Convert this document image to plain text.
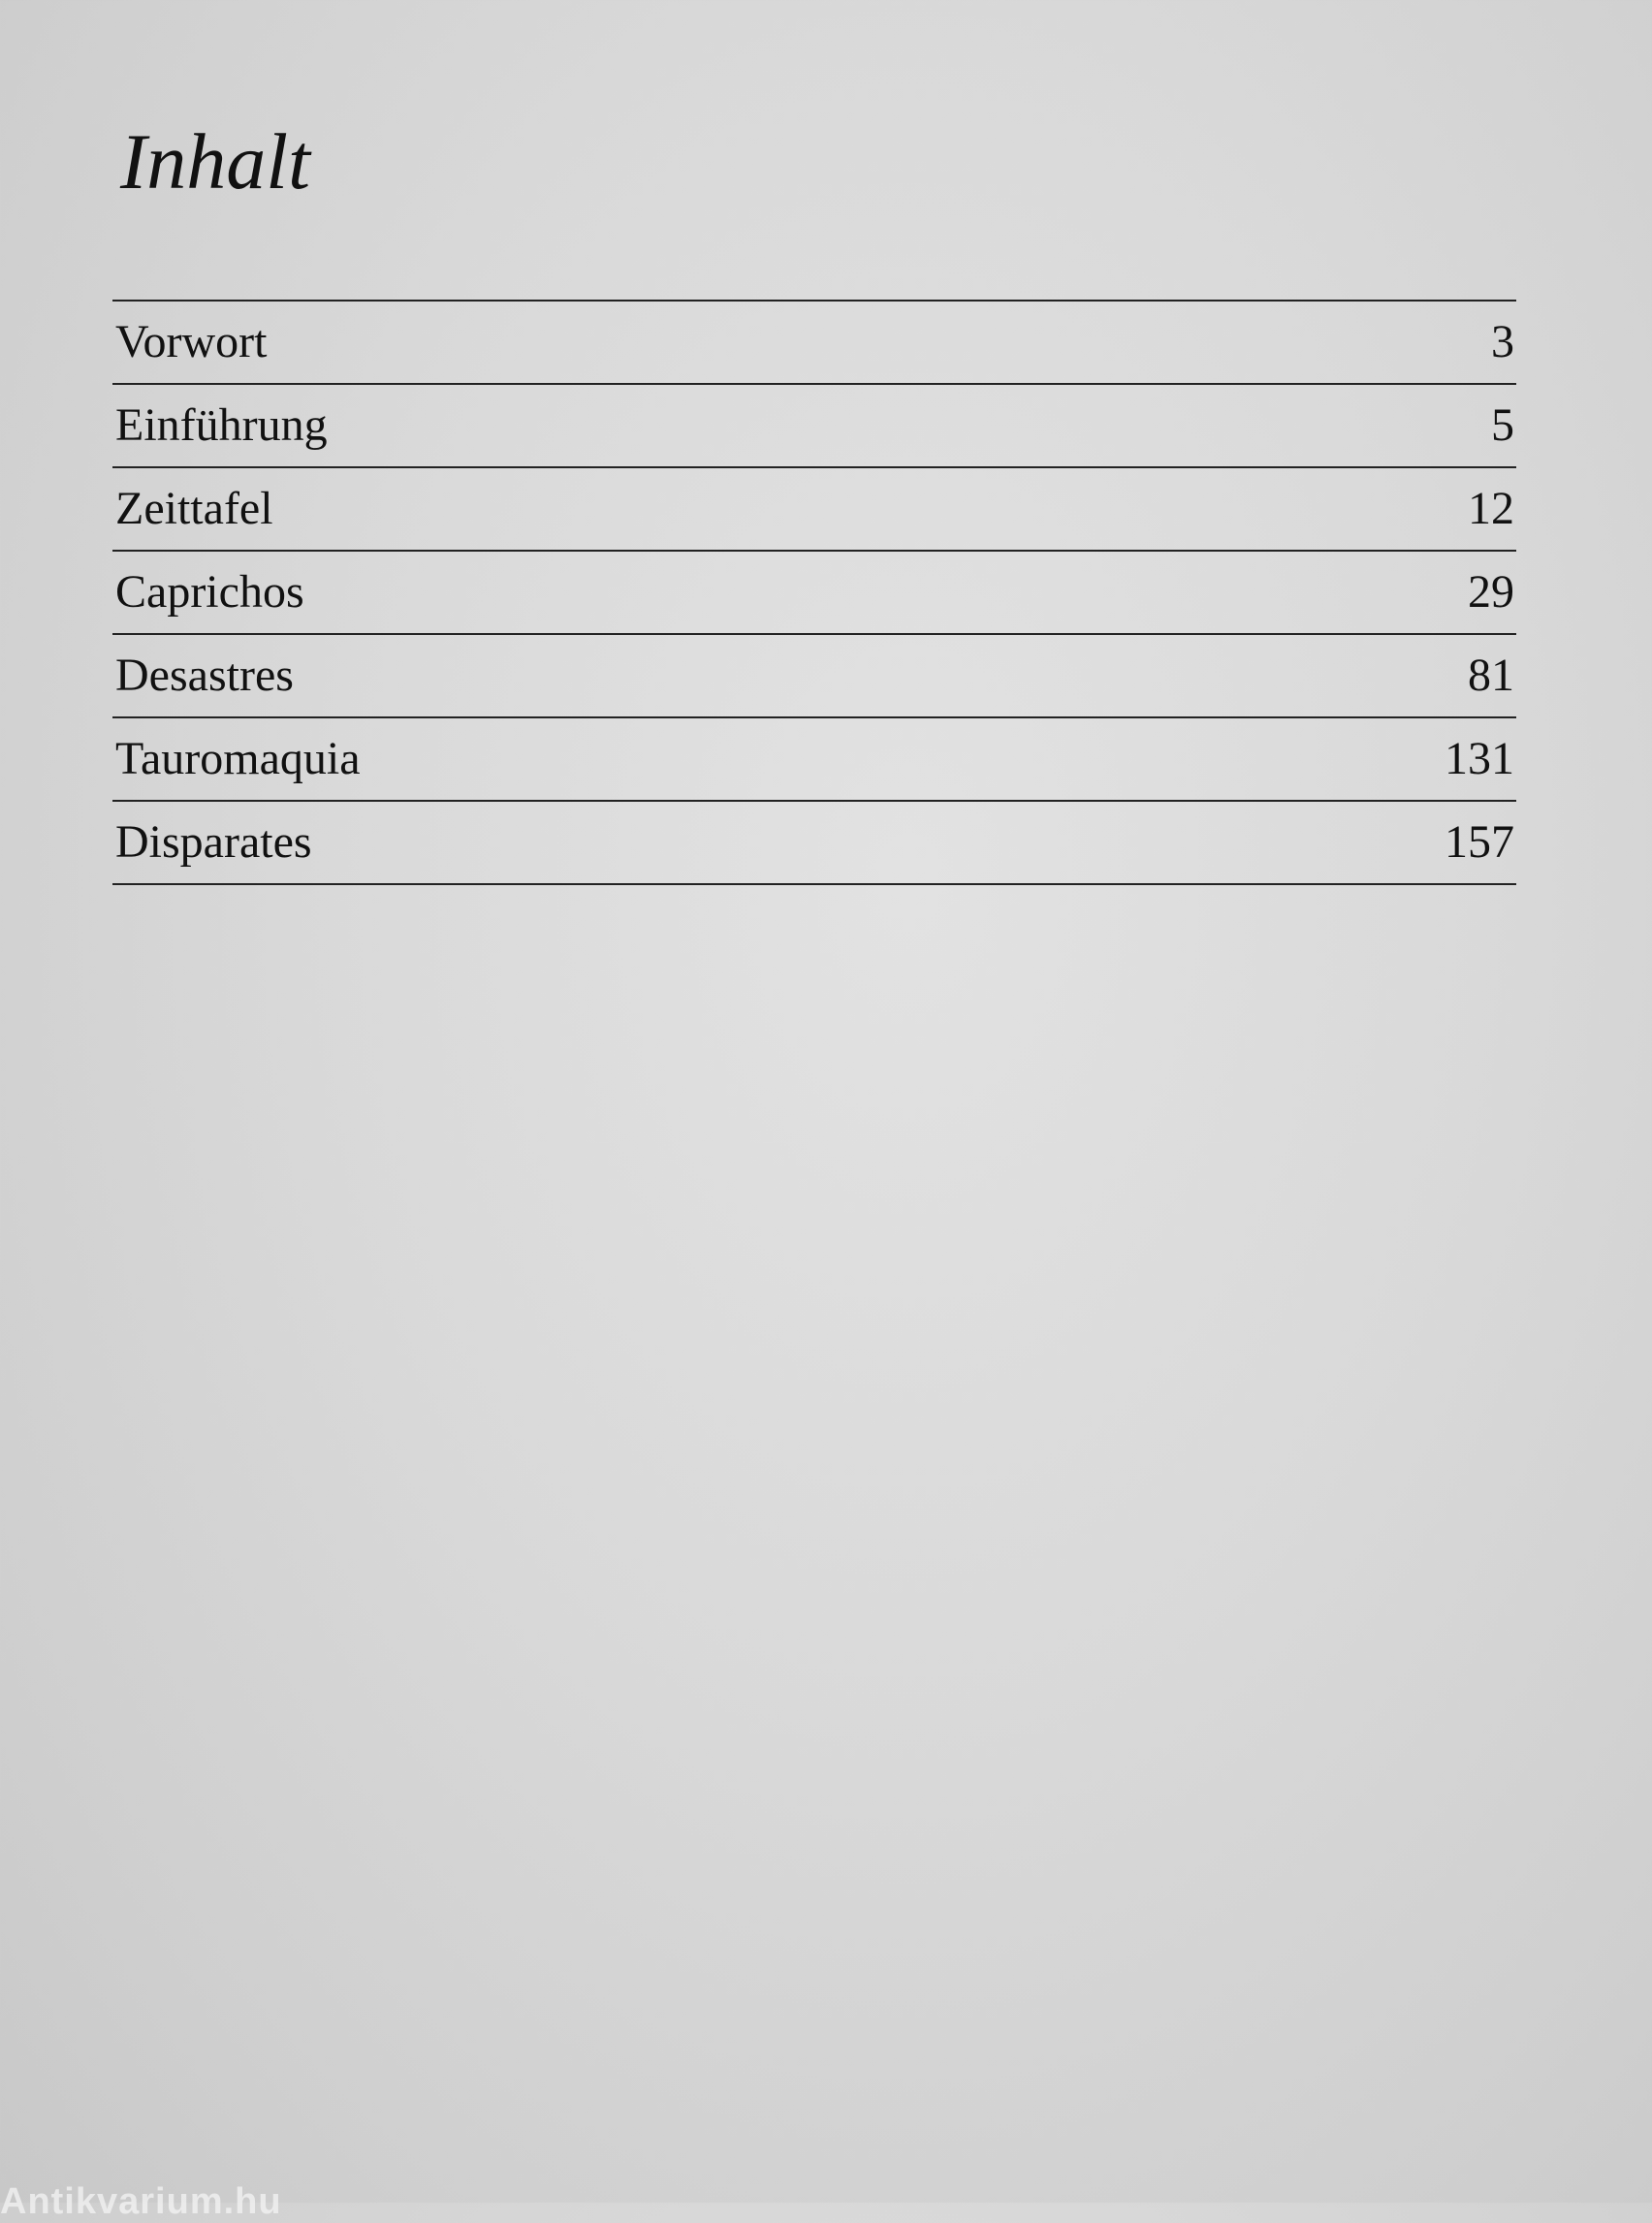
Inhalt
Vorwort	3
Einführung	5
Zeittafel	12
Caprichos	29
Desastres	81
Tauromaquia	131
Disparates	157
Antikvarium.hu
